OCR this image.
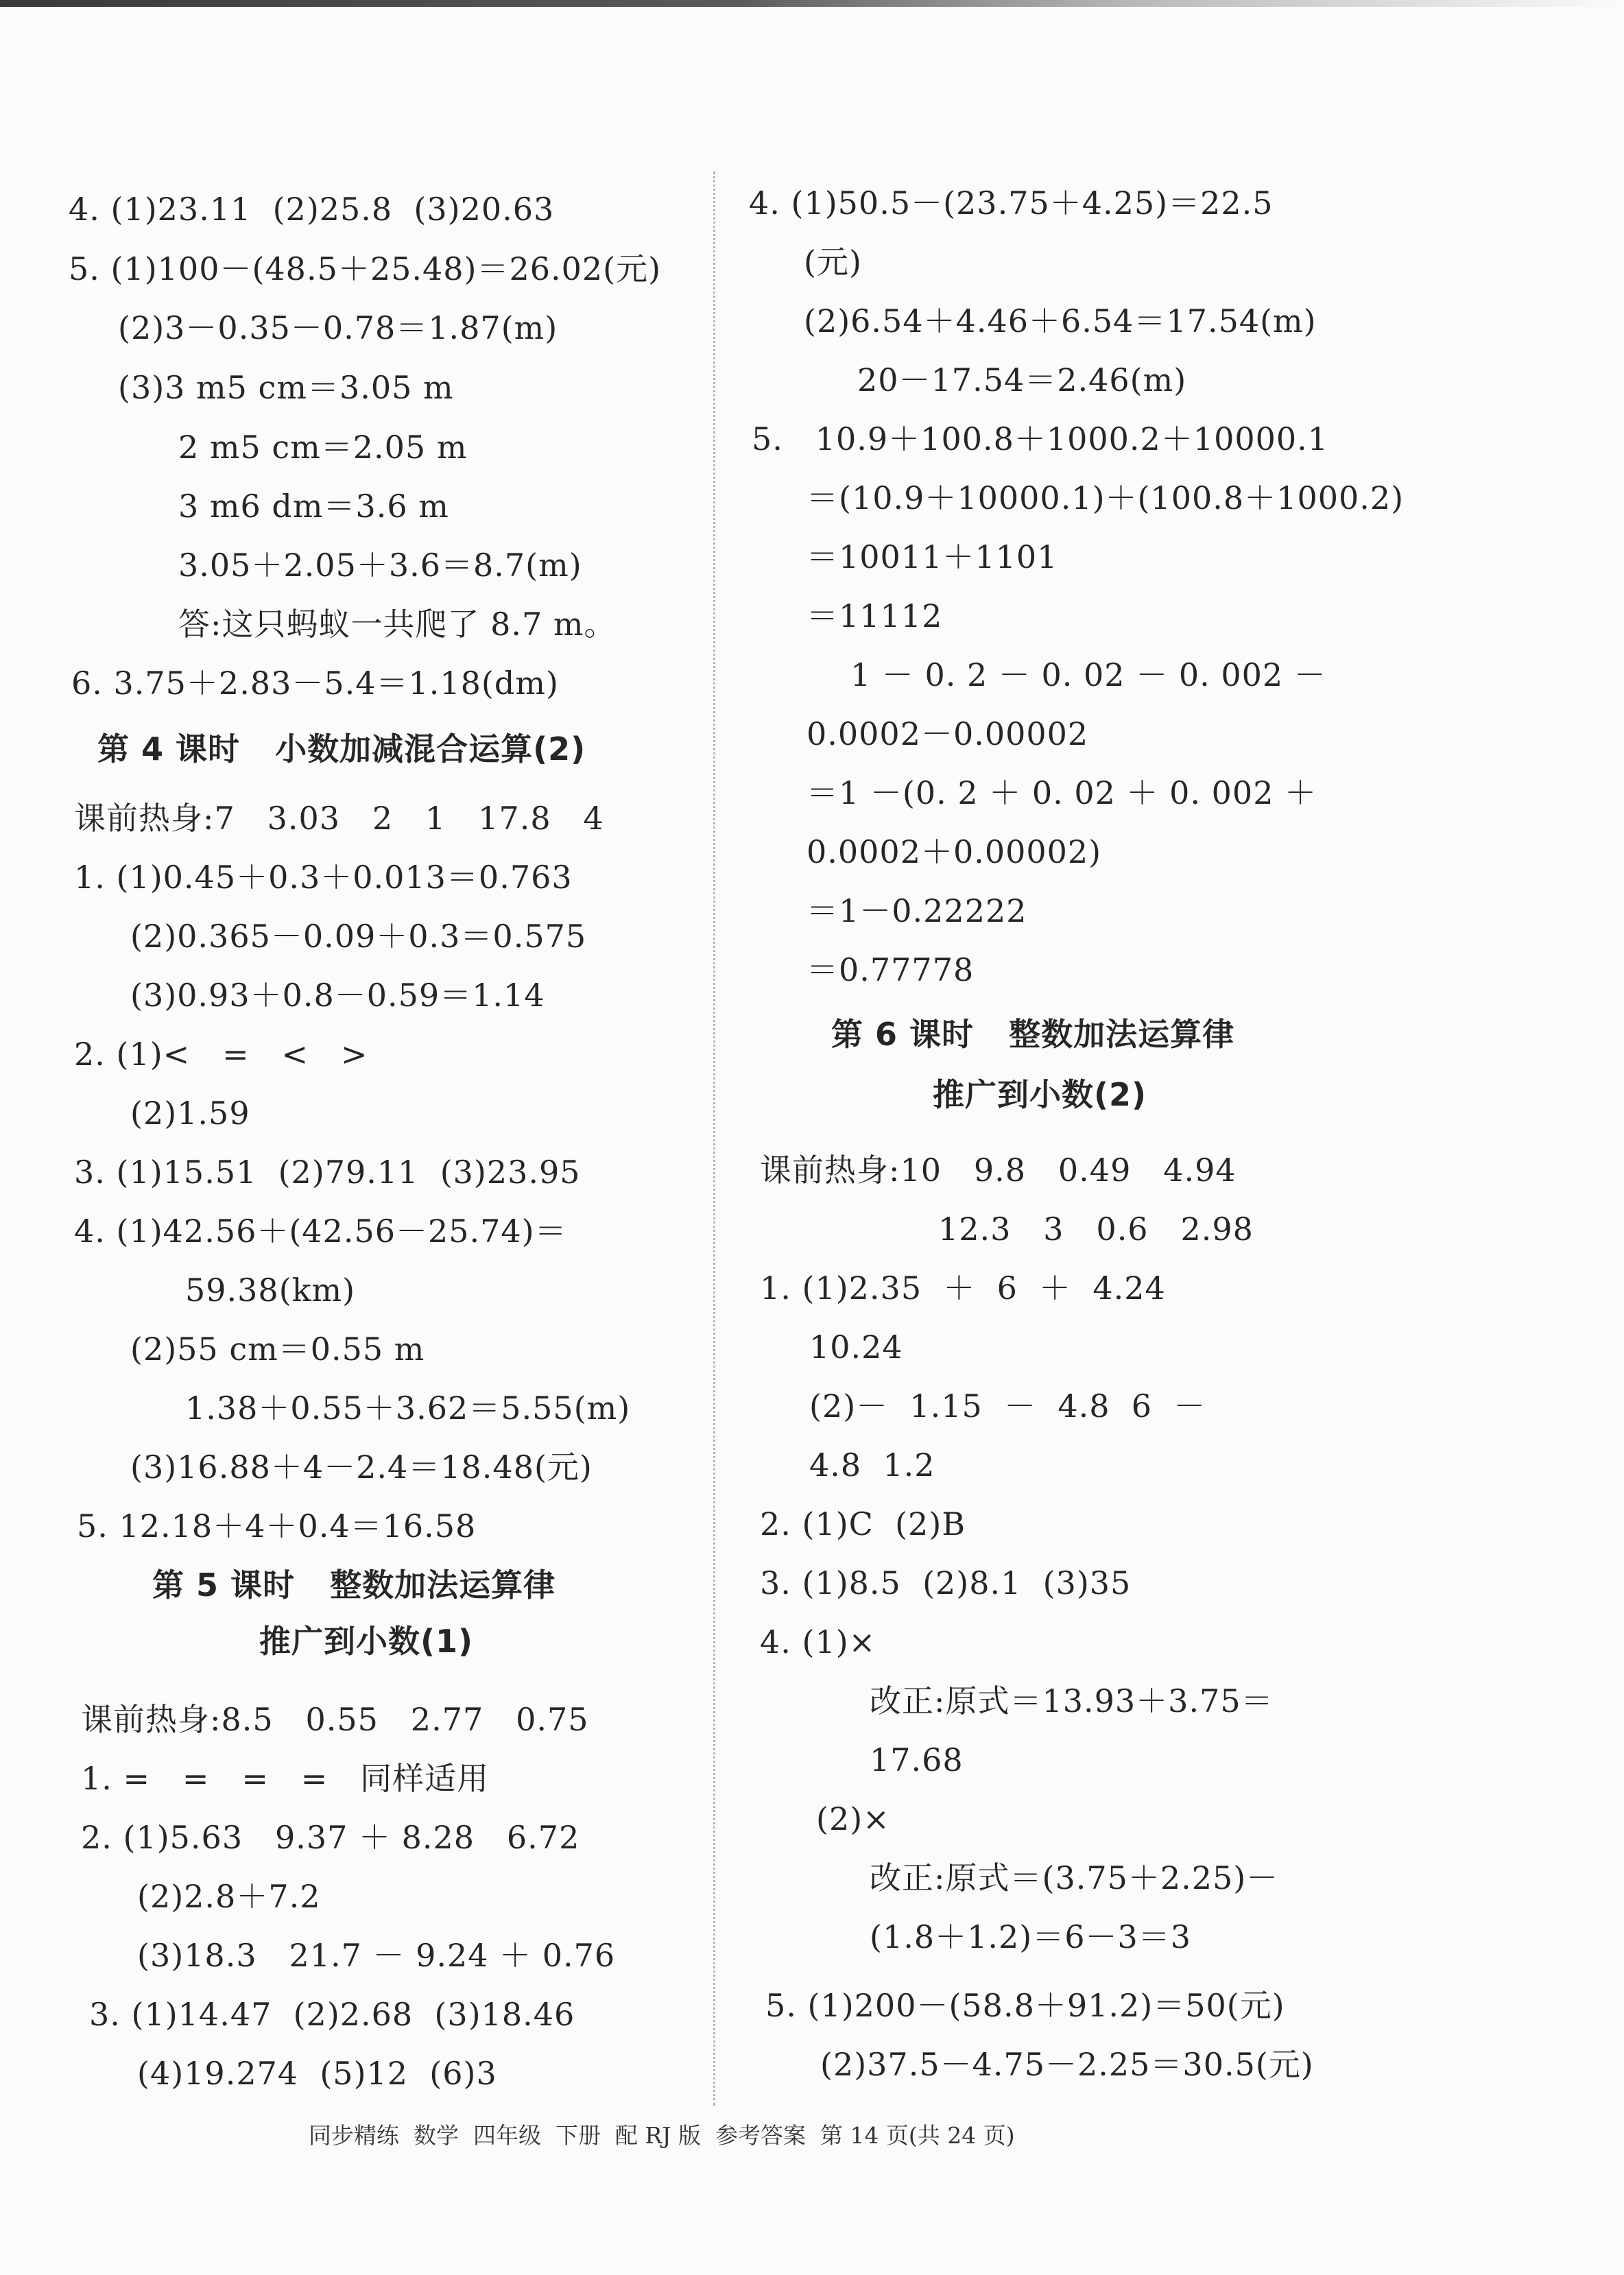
4. (1)23.11  (2)25.8  (3)20.63
5. (1)100－(48.5＋25.48)＝26.02(元)
(2)3－0.35－0.78＝1.87(m)
(3)3 m5 cm＝3.05 m
2 m5 cm＝2.05 m
3 m6 dm＝3.6 m
3.05＋2.05＋3.6＝8.7(m)
答:这只蚂蚁一共爬了 8.7 m。
6. 3.75＋2.83－5.4＝1.18(dm)
第 4 课时   小数加减混合运算(2)
课前热身:7   3.03   2   1   17.8   4
1. (1)0.45＋0.3＋0.013＝0.763
(2)0.365－0.09＋0.3＝0.575
(3)0.93＋0.8－0.59＝1.14
2. (1)<   =   <   >
(2)1.59
3. (1)15.51  (2)79.11  (3)23.95
4. (1)42.56＋(42.56－25.74)＝
59.38(km)
(2)55 cm＝0.55 m
1.38＋0.55＋3.62＝5.55(m)
(3)16.88＋4－2.4＝18.48(元)
5. 12.18＋4＋0.4＝16.58
第 5 课时   整数加法运算律
推广到小数(1)
课前热身:8.5   0.55   2.77   0.75
1. =   =   =   =   同样适用
2. (1)5.63   9.37 ＋ 8.28   6.72
(2)2.8＋7.2
(3)18.3   21.7 － 9.24 ＋ 0.76
3. (1)14.47  (2)2.68  (3)18.46
(4)19.274  (5)12  (6)3
4. (1)50.5－(23.75＋4.25)＝22.5
(元)
(2)6.54＋4.46＋6.54＝17.54(m)
20－17.54＝2.46(m)
5.   10.9＋100.8＋1000.2＋10000.1
＝(10.9＋10000.1)＋(100.8＋1000.2)
＝10011＋1101
＝11112
1 － 0. 2 － 0. 02 － 0. 002 －
0.0002－0.00002
＝1 －(0. 2 ＋ 0. 02 ＋ 0. 002 ＋
0.0002＋0.00002)
＝1－0.22222
＝0.77778
第 6 课时   整数加法运算律
推广到小数(2)
课前热身:10   9.8   0.49   4.94
12.3   3   0.6   2.98
1. (1)2.35  ＋  6  ＋  4.24
10.24
(2)－  1.15  －  4.8  6  －
4.8  1.2
2. (1)C  (2)B
3. (1)8.5  (2)8.1  (3)35
4. (1)×
改正:原式＝13.93＋3.75＝
17.68
(2)×
改正:原式＝(3.75＋2.25)－
(1.8＋1.2)＝6－3＝3
5. (1)200－(58.8＋91.2)＝50(元)
(2)37.5－4.75－2.25＝30.5(元)
同步精练  数学  四年级  下册  配 RJ 版  参考答案  第 14 页(共 24 页)
